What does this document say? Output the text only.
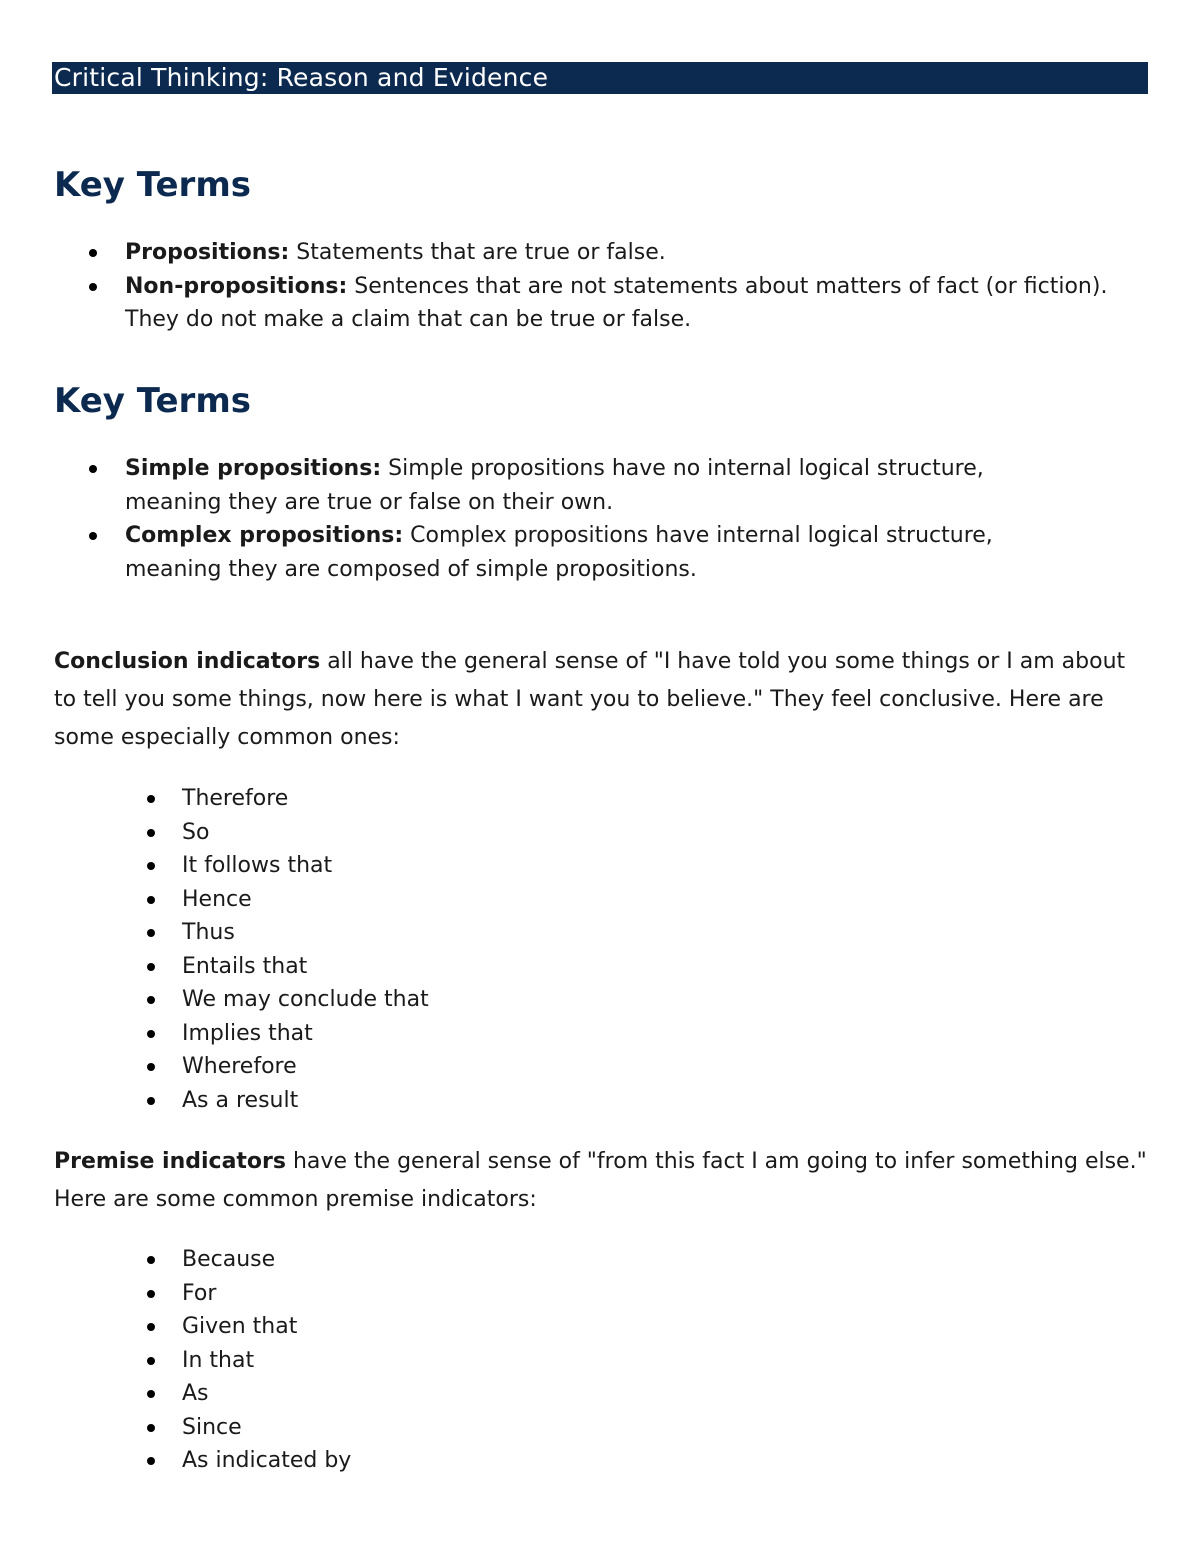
Critical Thinking: Reason and Evidence
Key Terms
Propositions: Statements that are true or false.
Non-propositions: Sentences that are not statements about matters of fact (or fiction). They do not make a claim that can be true or false.
Key Terms
Simple propositions: Simple propositions have no internal logical structure, meaning they are true or false on their own.
Complex propositions: Complex propositions have internal logical structure, meaning they are composed of simple propositions.

Conclusion indicators all have the general sense of "I have told you some things or I am about to tell you some things, now here is what I want you to believe." They feel conclusive. Here are some especially common ones:

Therefore
So
It follows that
Hence
Thus
Entails that
We may conclude that
Implies that
Wherefore
As a result

Premise indicators have the general sense of "from this fact I am going to infer something else." Here are some common premise indicators:

Because
For
Given that
In that
As
Since
As indicated by
